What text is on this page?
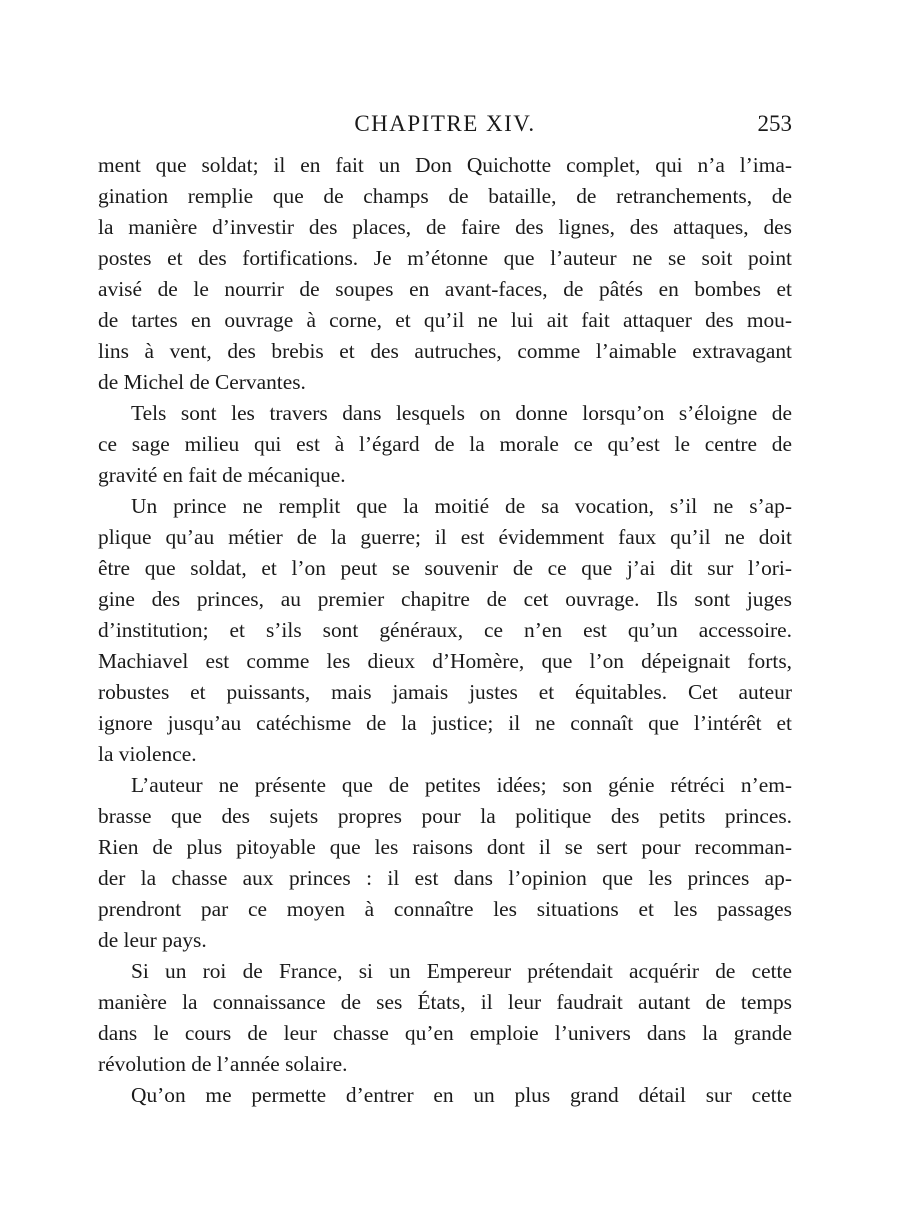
CHAPITRE XIV.	253
ment que soldat; il en fait un Don Quichotte complet, qui n’a l’ima-
gination remplie que de champs de bataille, de retranchements, de
la manière d’investir des places, de faire des lignes, des attaques, des
postes et des fortifications. Je m’étonne que l’auteur ne se soit point
avisé de le nourrir de soupes en avant-faces, de pâtés en bombes et
de tartes en ouvrage à corne, et qu’il ne lui ait fait attaquer des mou-
lins à vent, des brebis et des autruches, comme l’aimable extravagant
de Michel de Cervantes.
Tels sont les travers dans lesquels on donne lorsqu’on s’éloigne de
ce sage milieu qui est à l’égard de la morale ce qu’est le centre de
gravité en fait de mécanique.
Un prince ne remplit que la moitié de sa vocation, s’il ne s’ap-
plique qu’au métier de la guerre; il est évidemment faux qu’il ne doit
être que soldat, et l’on peut se souvenir de ce que j’ai dit sur l’ori-
gine des princes, au premier chapitre de cet ouvrage. Ils sont juges
d’institution; et s’ils sont généraux, ce n’en est qu’un accessoire.
Machiavel est comme les dieux d’Homère, que l’on dépeignait forts,
robustes et puissants, mais jamais justes et équitables. Cet auteur
ignore jusqu’au catéchisme de la justice; il ne connaît que l’intérêt et
la violence.
L’auteur ne présente que de petites idées; son génie rétréci n’em-
brasse que des sujets propres pour la politique des petits princes.
Rien de plus pitoyable que les raisons dont il se sert pour recomman-
der la chasse aux princes : il est dans l’opinion que les princes ap-
prendront par ce moyen à connaître les situations et les passages
de leur pays.
Si un roi de France, si un Empereur prétendait acquérir de cette
manière la connaissance de ses États, il leur faudrait autant de temps
dans le cours de leur chasse qu’en emploie l’univers dans la grande
révolution de l’année solaire.
Qu’on me permette d’entrer en un plus grand détail sur cette
